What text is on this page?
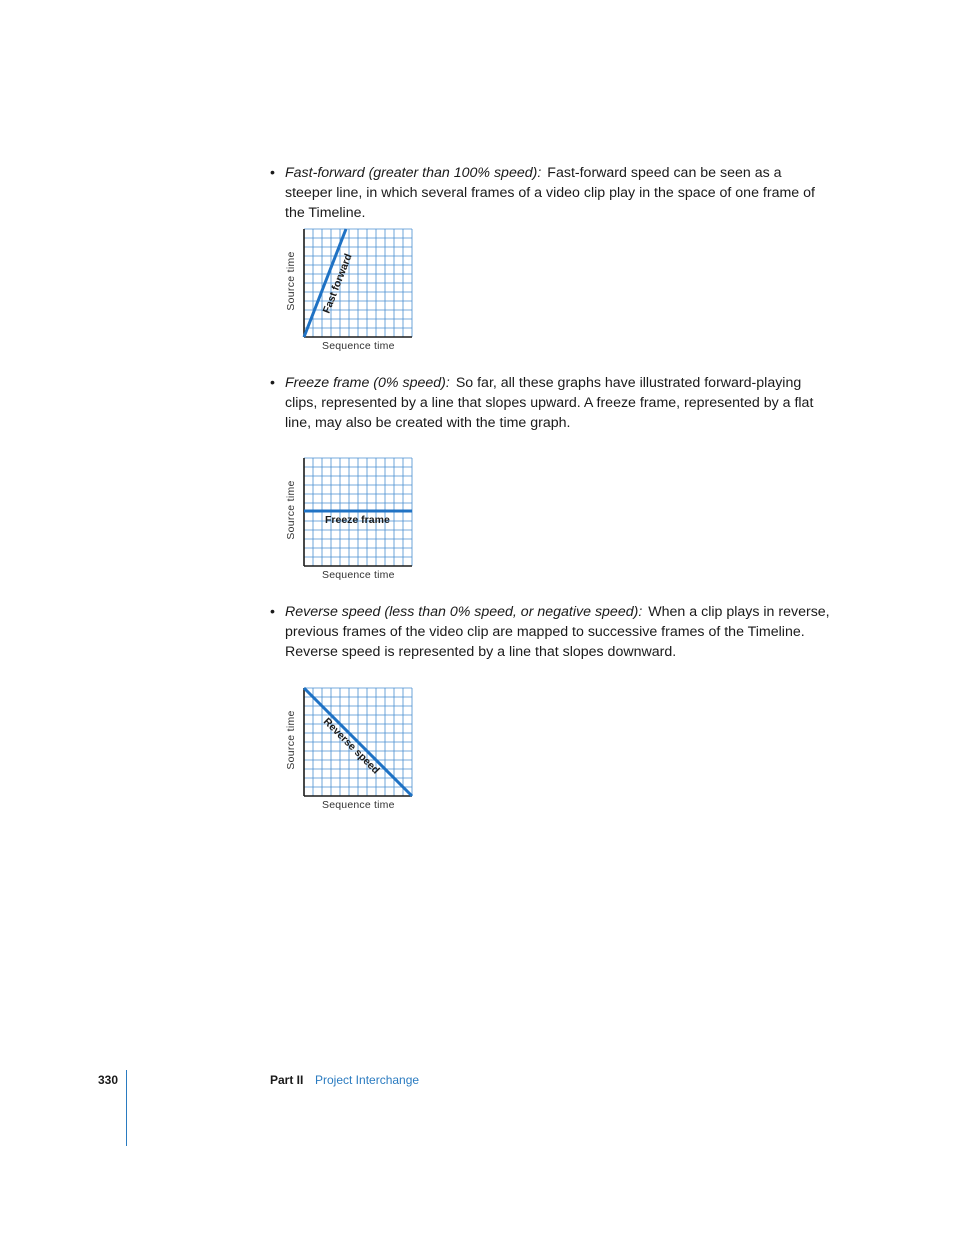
• Fast-forward (greater than 100% speed): Fast-forward speed can be seen as a steeper line, in which several frames of a video clip play in the space of one frame of the Timeline.
Fast forward
Source time
Sequence time
• Freeze frame (0% speed): So far, all these graphs have illustrated forward-playing clips, represented by a line that slopes upward. A freeze frame, represented by a flat line, may also be created with the time graph.
Freeze frame
Source time
Sequence time
• Reverse speed (less than 0% speed, or negative speed): When a clip plays in reverse, previous frames of the video clip are mapped to successive frames of the Timeline. Reverse speed is represented by a line that slopes downward.
Reverse speed
Source time
Sequence time
330	Part II Project Interchange
